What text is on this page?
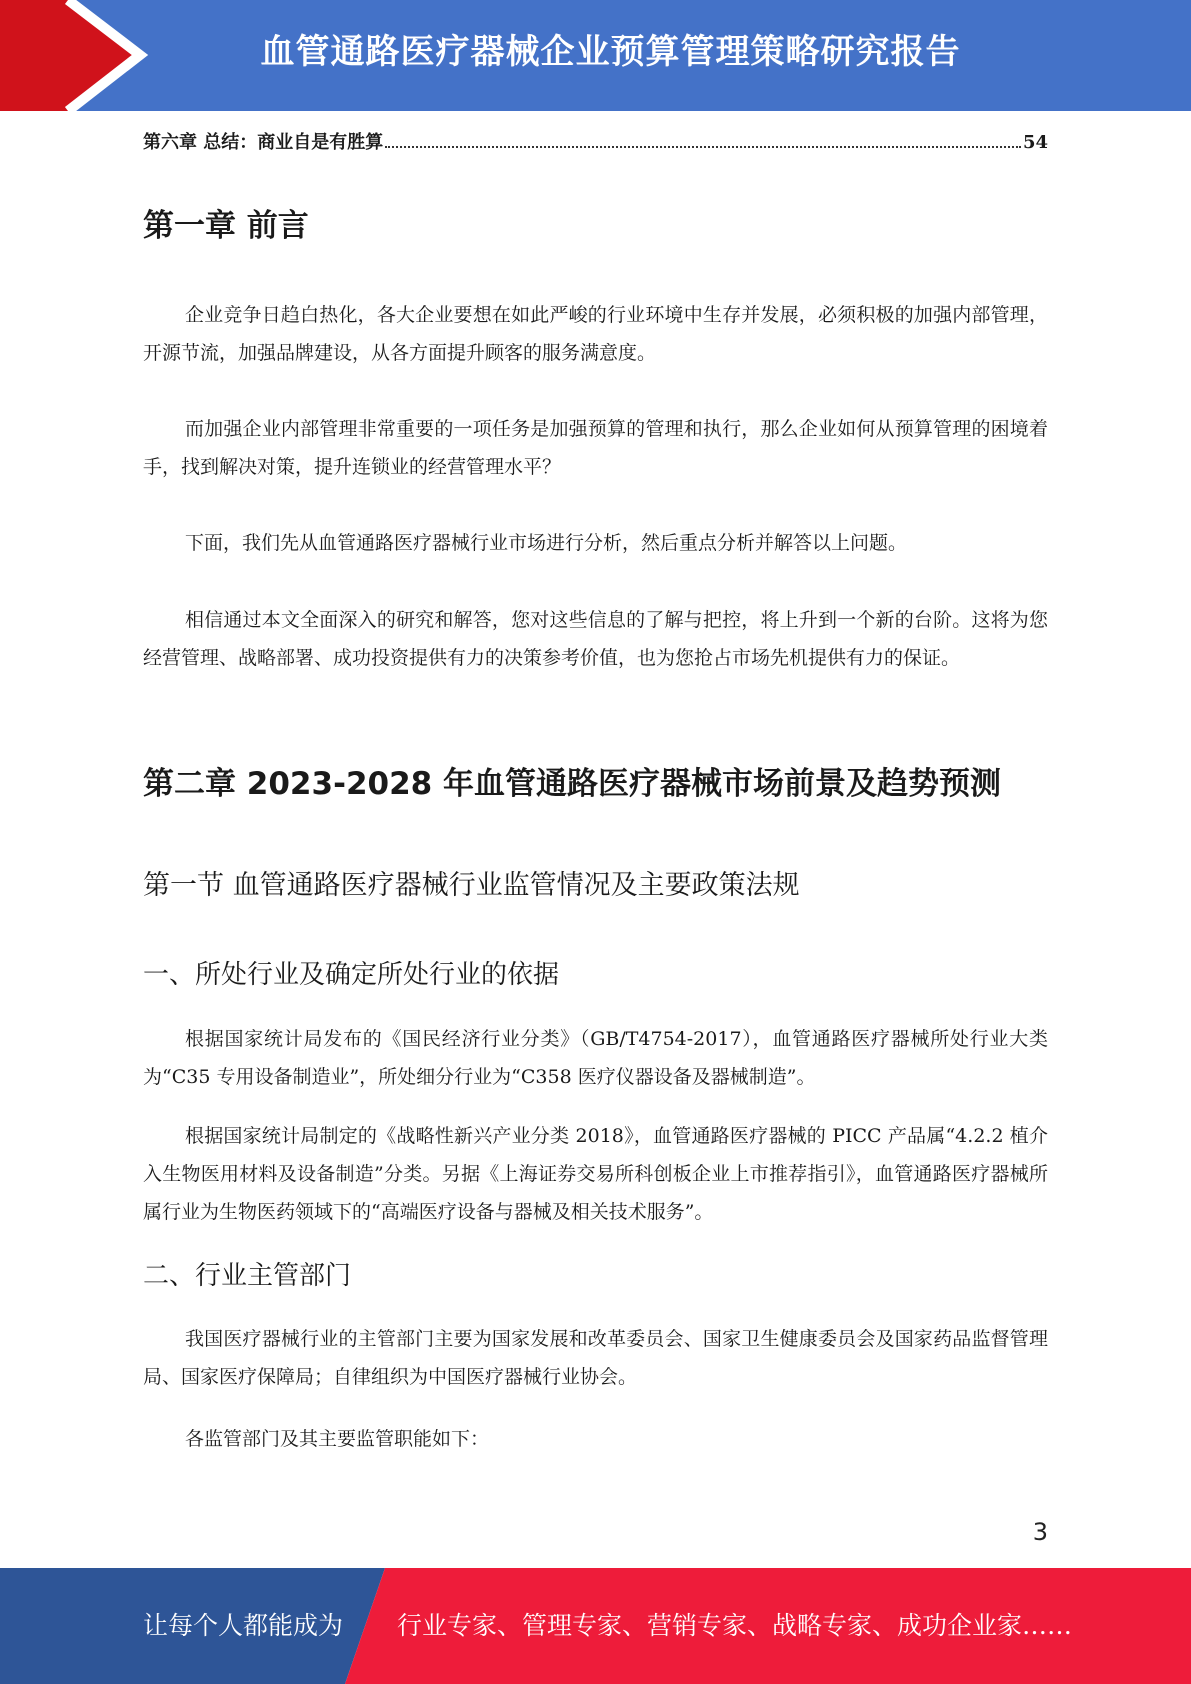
血管通路医疗器械企业预算管理策略研究报告
第六章 总结：商业自是有胜算	54
第一章 前言

企业竞争日趋白热化，各大企业要想在如此严峻的行业环境中生存并发展，必须积极的加强内部管理，开源节流，加强品牌建设，从各方面提升顾客的服务满意度。

而加强企业内部管理非常重要的一项任务是加强预算的管理和执行，那么企业如何从预算管理的困境着手，找到解决对策，提升连锁业的经营管理水平？

下面，我们先从血管通路医疗器械行业市场进行分析，然后重点分析并解答以上问题。

相信通过本文全面深入的研究和解答，您对这些信息的了解与把控，将上升到一个新的台阶。这将为您经营管理、战略部署、成功投资提供有力的决策参考价值，也为您抢占市场先机提供有力的保证。

第二章 2023-2028 年血管通路医疗器械市场前景及趋势预测
第一节 血管通路医疗器械行业监管情况及主要政策法规
一、所处行业及确定所处行业的依据

根据国家统计局发布的《国民经济行业分类》（GB/T4754-2017），血管通路医疗器械所处行业大类为“C35 专用设备制造业”，所处细分行业为“C358 医疗仪器设备及器械制造”。

根据国家统计局制定的《战略性新兴产业分类 2018》，血管通路医疗器械的 PICC 产品属“4.2.2 植介入生物医用材料及设备制造”分类。另据《上海证券交易所科创板企业上市推荐指引》，血管通路医疗器械所属行业为生物医药领域下的“高端医疗设备与器械及相关技术服务”。

二、行业主管部门

我国医疗器械行业的主管部门主要为国家发展和改革委员会、国家卫生健康委员会及国家药品监督管理局、国家医疗保障局；自律组织为中国医疗器械行业协会。

各监管部门及其主要监管职能如下：

3
让每个人都能成为 行业专家、管理专家、营销专家、战略专家、成功企业家……
